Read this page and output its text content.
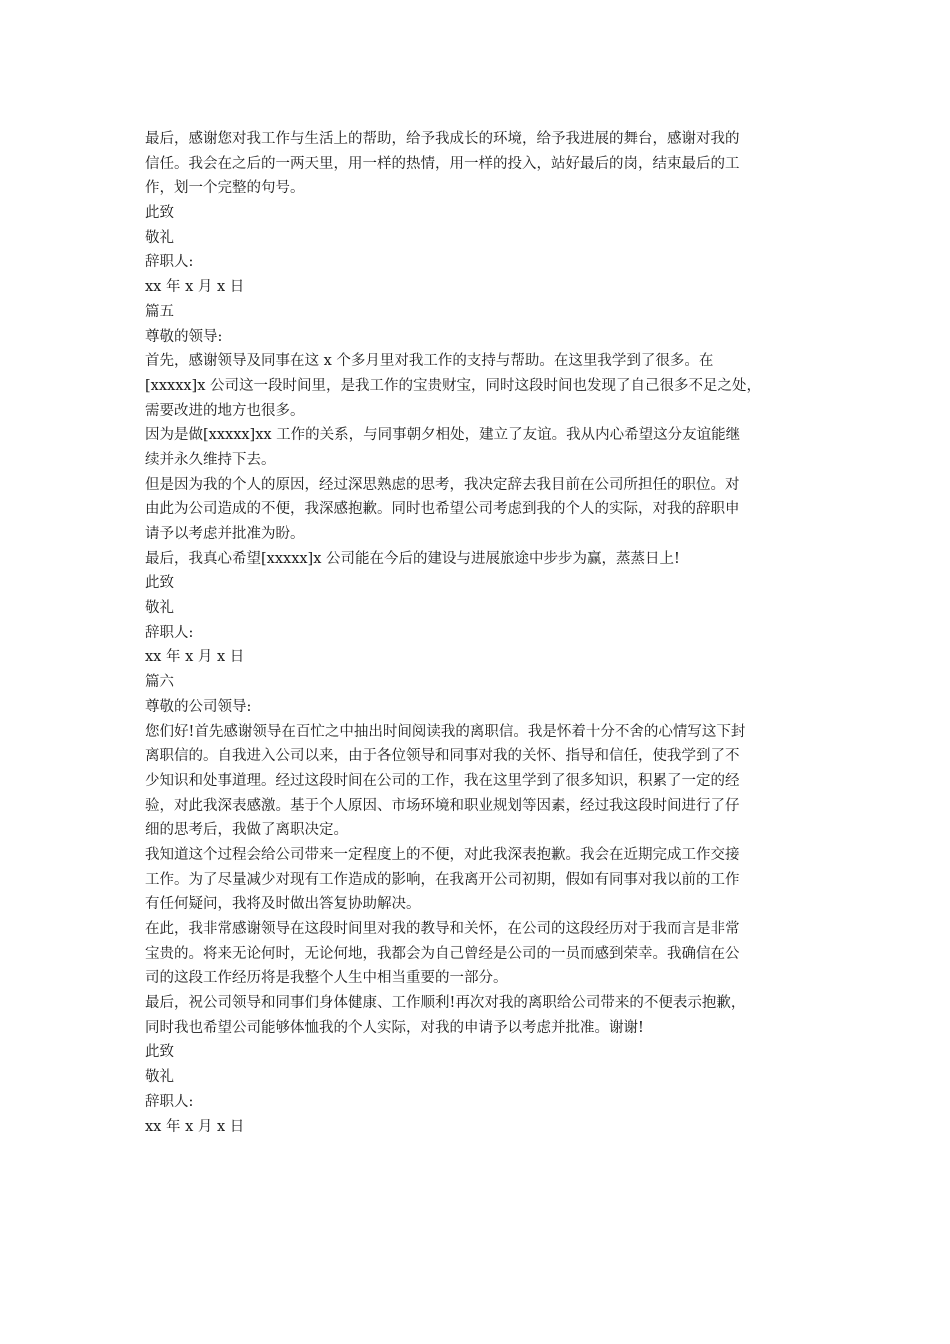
最后，感谢您对我工作与生活上的帮助，给予我成长的环境，给予我进展的舞台，感谢对我的
信任。我会在之后的一两天里，用一样的热情，用一样的投入，站好最后的岗，结束最后的工
作，划一个完整的句号。
此致
敬礼
辞职人:
xx 年 x 月 x 日
篇五
尊敬的领导:
首先，感谢领导及同事在这 x 个多月里对我工作的支持与帮助。在这里我学到了很多。在
[xxxxx]x 公司这一段时间里，是我工作的宝贵财宝，同时这段时间也发现了自己很多不足之处，
需要改进的地方也很多。
因为是做[xxxxx]xx 工作的关系，与同事朝夕相处，建立了友谊。我从内心希望这分友谊能继
续并永久维持下去。
但是因为我的个人的原因，经过深思熟虑的思考，我决定辞去我目前在公司所担任的职位。对
由此为公司造成的不便，我深感抱歉。同时也希望公司考虑到我的个人的实际，对我的辞职申
请予以考虑并批准为盼。
最后，我真心希望[xxxxx]x 公司能在今后的建设与进展旅途中步步为赢，蒸蒸日上!
此致
敬礼
辞职人:
xx 年 x 月 x 日
篇六
尊敬的公司领导:
您们好!首先感谢领导在百忙之中抽出时间阅读我的离职信。我是怀着十分不舍的心情写这下封
离职信的。自我进入公司以来，由于各位领导和同事对我的关怀、指导和信任，使我学到了不
少知识和处事道理。经过这段时间在公司的工作，我在这里学到了很多知识，积累了一定的经
验，对此我深表感激。基于个人原因、市场环境和职业规划等因素，经过我这段时间进行了仔
细的思考后，我做了离职决定。
我知道这个过程会给公司带来一定程度上的不便，对此我深表抱歉。我会在近期完成工作交接
工作。为了尽量减少对现有工作造成的影响，在我离开公司初期，假如有同事对我以前的工作
有任何疑问，我将及时做出答复协助解决。
在此，我非常感谢领导在这段时间里对我的教导和关怀，在公司的这段经历对于我而言是非常
宝贵的。将来无论何时，无论何地，我都会为自己曾经是公司的一员而感到荣幸。我确信在公
司的这段工作经历将是我整个人生中相当重要的一部分。
最后，祝公司领导和同事们身体健康、工作顺利!再次对我的离职给公司带来的不便表示抱歉，
同时我也希望公司能够体恤我的个人实际，对我的申请予以考虑并批准。谢谢!
此致
敬礼
辞职人:
xx 年 x 月 x 日
